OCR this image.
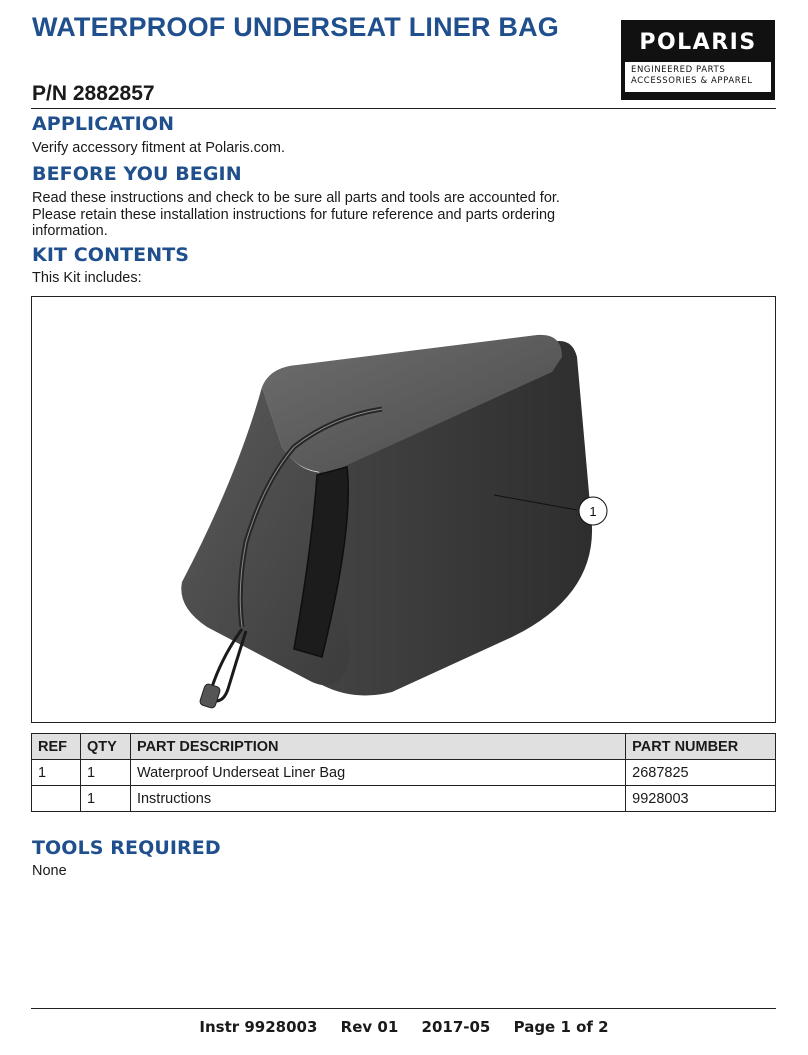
WATERPROOF UNDERSEAT LINER BAG
POLARIS
ENGINEERED PARTS
ACCESSORIES & APPAREL
P/N 2882857
APPLICATION

Verify accessory fitment at Polaris.com.

BEFORE YOU BEGIN

Read these instructions and check to be sure all parts and tools are accounted for.

Please retain these installation instructions for future reference and parts ordering

information.

KIT CONTENTS

This Kit includes:

1
REF	QTY	PART DESCRIPTION	PART NUMBER
1	1	Waterproof Underseat Liner Bag	2687825
	1	Instructions	9928003
TOOLS REQUIRED

None

Instr 9928003 Rev 01 2017-05 Page 1 of 2
